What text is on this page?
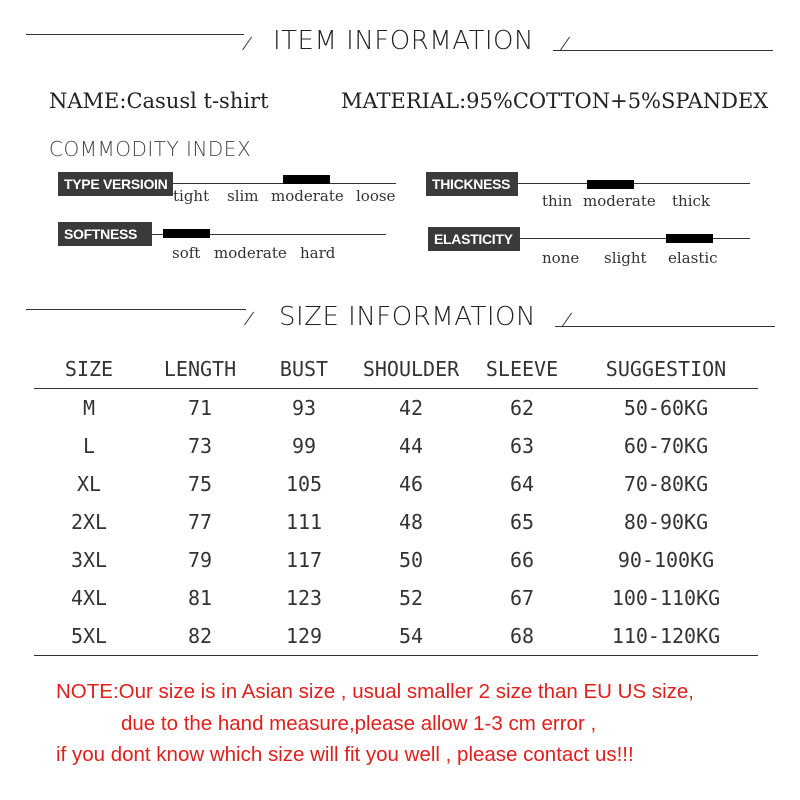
ITEM INFORMATION
NAME:Casusl t-shirt	MATERIAL:95%COTTON+5%SPANDEX
COMMODITY INDEX
TYPE VERSIOIN
tight slim moderate loose
THICKNESS
thin moderate thick
SOFTNESS
soft moderate hard
ELASTICITY
none slight elastic
SIZE INFORMATION
SIZE	LENGTH	BUST	SHOULDER	SLEEVE	SUGGESTION
M	71	93	42	62	50-60KG
L	73	99	44	63	60-70KG
XL	75	105	46	64	70-80KG
2XL	77	111	48	65	80-90KG
3XL	79	117	50	66	90-100KG
4XL	81	123	52	67	100-110KG
5XL	82	129	54	68	110-120KG
NOTE:Our size is in Asian size , usual smaller 2 size than EU US size,
due to the hand measure,please allow 1-3 cm error ,
if you dont know which size will fit you well , please contact us!!!
